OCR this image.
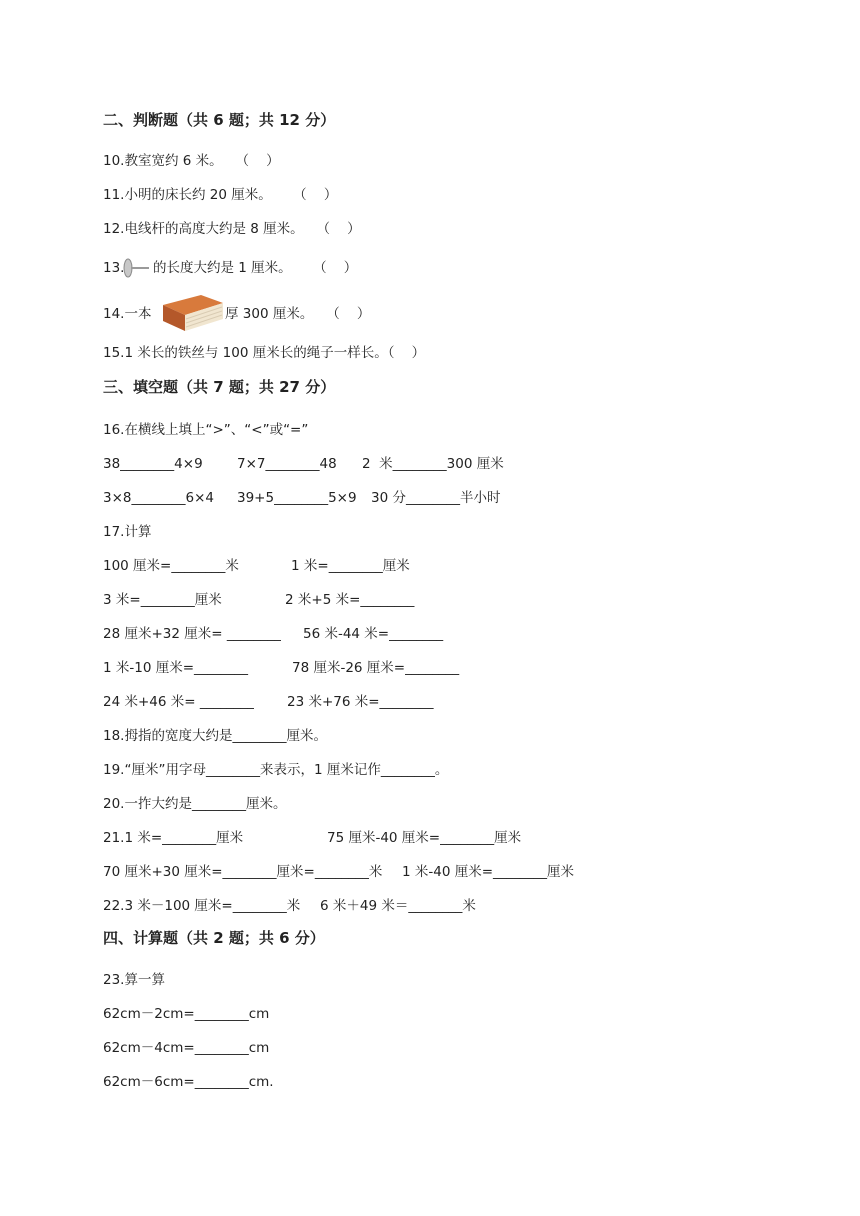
二、判断题（共 6 题；共 12 分）
10.教室宽约 6 米。   （    ）
11.小明的床长约 20 厘米。     （    ）
12.电线杆的高度大约是 8 厘米。   （    ）

13.

的长度大约是 1 厘米。     （    ）

14.一本

	厚 300 厘米。   （    ）

15.1 米长的铁丝与 100 厘米长的绳子一样长。（    ）
三、填空题（共 7 题；共 27 分）
16.在横线上填上“>”、“<”或“=”

38________4×9

	7×7________48

2  米________300 厘米

3×8________6×4

39+5________5×9

30 分________半小时

17.计算

100 厘米=________米

	1 米=________厘米

3 米=________厘米

	2 米+5 米=________

28 厘米+32 厘米= ________

56 米-44 米=________

1 米-10 厘米=________

	78 厘米-26 厘米=________

24 米+46 米= ________

23 米+76 米=________

18.拇指的宽度大约是________厘米。
19.“厘米”用字母________来表示，1 厘米记作________。
20.一拃大约是________厘米。

21.1 米=________厘米

	75 厘米-40 厘米=________厘米

70 厘米+30 厘米=________厘米=________米

1 米-40 厘米=________厘米

22.3 米－100 厘米=________米

6 米＋49 米＝________米

四、计算题（共 2 题；共 6 分）
23.算一算
62cm－2cm=________cm
62cm－4cm=________cm
62cm－6cm=________cm.
